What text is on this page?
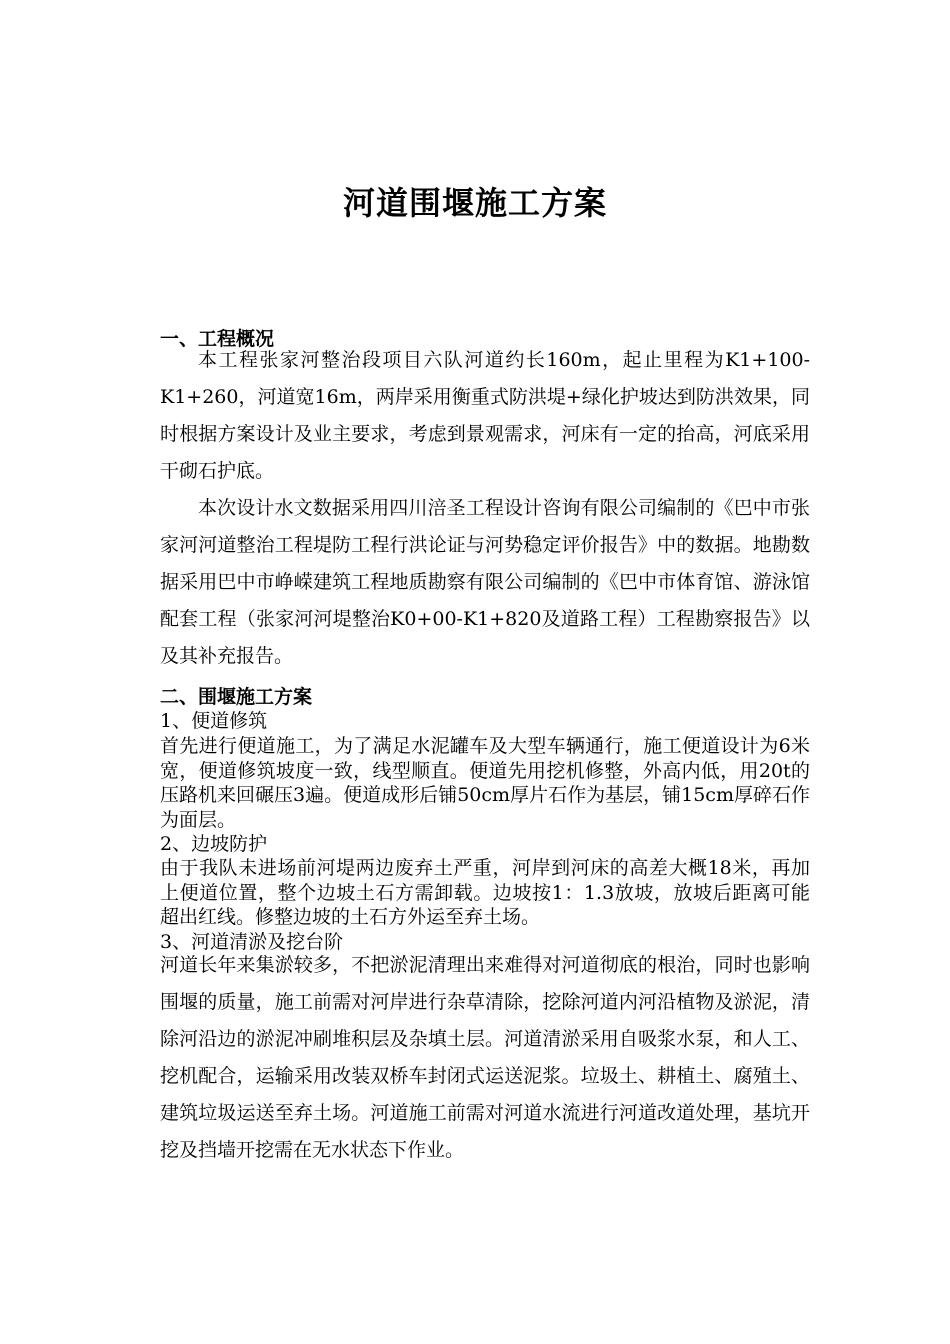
河道围堰施工方案
一、工程概况

本工程张家河整治段项目六队河道约长160m，起止里程为K1+100-K1+260，河道宽16m，两岸采用衡重式防洪堤+绿化护坡达到防洪效果，同时根据方案设计及业主要求，考虑到景观需求，河床有一定的抬高，河底采用干砌石护底。

本次设计水文数据采用四川涪圣工程设计咨询有限公司编制的《巴中市张家河河道整治工程堤防工程行洪论证与河势稳定评价报告》中的数据。地勘数据采用巴中市峥嵘建筑工程地质勘察有限公司编制的《巴中市体育馆、游泳馆配套工程（张家河河堤整治K0+00-K1+820及道路工程）工程勘察报告》以及其补充报告。

二、围堰施工方案
1、便道修筑

首先进行便道施工，为了满足水泥罐车及大型车辆通行，施工便道设计为6米宽，便道修筑坡度一致，线型顺直。便道先用挖机修整，外高内低，用20t的压路机来回碾压3遍。便道成形后铺50cm厚片石作为基层，铺15cm厚碎石作为面层。

2、边坡防护

由于我队未进场前河堤两边废弃土严重，河岸到河床的高差大概18米，再加上便道位置，整个边坡土石方需卸载。边坡按1：1.3放坡，放坡后距离可能超出红线。修整边坡的土石方外运至弃土场。

3、河道清淤及挖台阶

河道长年来集淤较多，不把淤泥清理出来难得对河道彻底的根治，同时也影响围堰的质量，施工前需对河岸进行杂草清除，挖除河道内河沿植物及淤泥，清除河沿边的淤泥冲刷堆积层及杂填土层。河道清淤采用自吸浆水泵，和人工、挖机配合，运输采用改装双桥车封闭式运送泥浆。垃圾土、耕植土、腐殖土、建筑垃圾运送至弃土场。河道施工前需对河道水流进行河道改道处理，基坑开挖及挡墙开挖需在无水状态下作业。
